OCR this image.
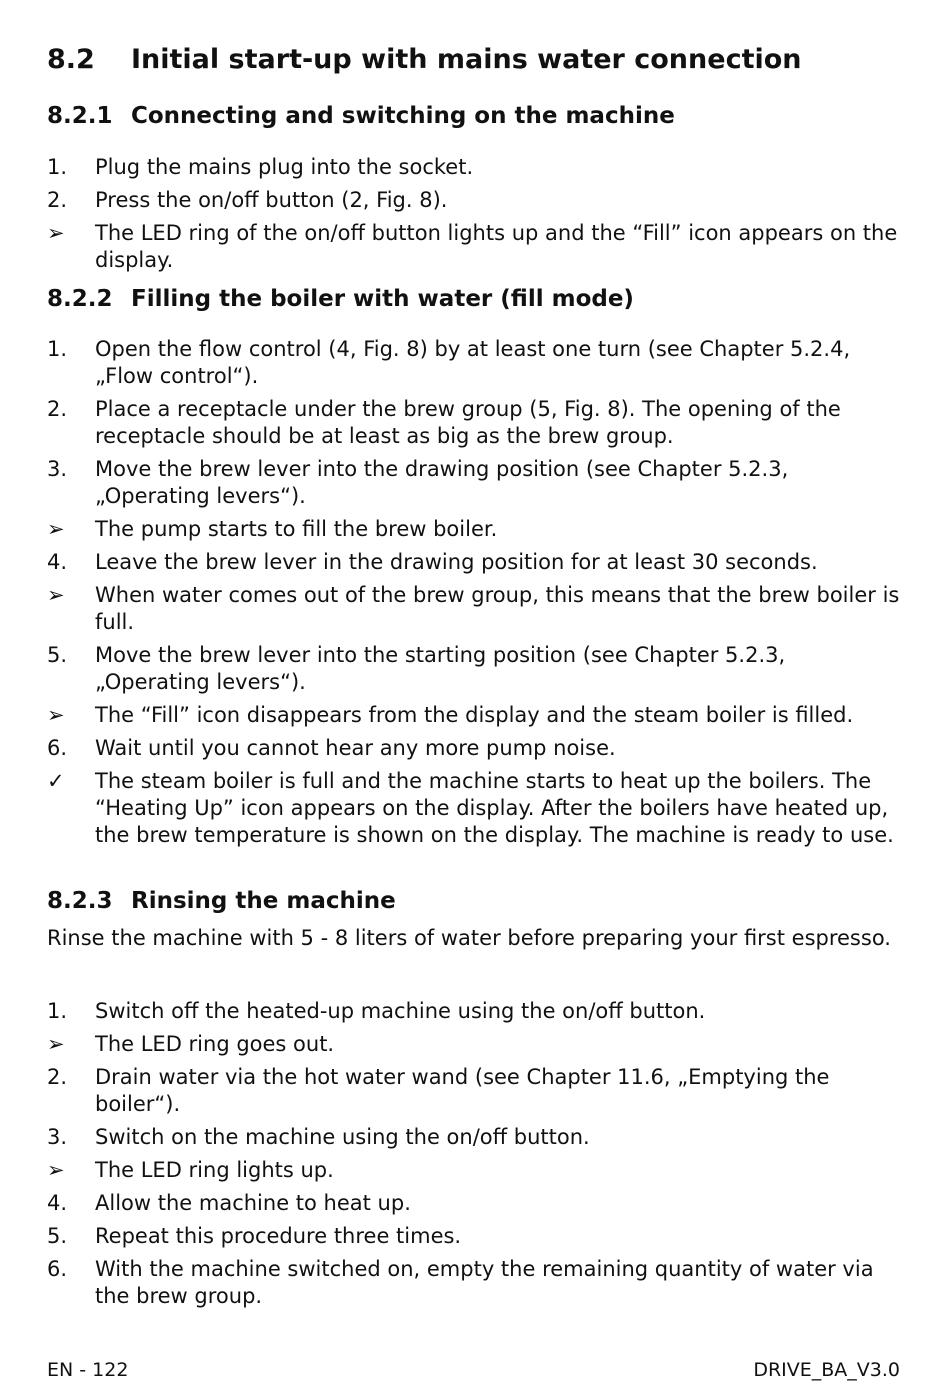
8.2 Initial start-up with mains water connection
8.2.1 Connecting and switching on the machine
1.	Plug the mains plug into the socket.
2.	Press the on/off button (2, Fig. 8).
➢	The LED ring of the on/off button lights up and the “Fill” icon appears on the display.
8.2.2 Filling the boiler with water (fill mode)
1.	Open the flow control (4, Fig. 8) by at least one turn (see Chapter 5.2.4, „Flow control“).
2.	Place a receptacle under the brew group (5, Fig. 8). The opening of the receptacle should be at least as big as the brew group.
3.	Move the brew lever into the drawing position (see Chapter 5.2.3, „Operating levers“).
➢	The pump starts to fill the brew boiler.
4.	Leave the brew lever in the drawing position for at least 30 seconds.
➢	When water comes out of the brew group, this means that the brew boiler is full.
5.	Move the brew lever into the starting position (see Chapter 5.2.3, „Operating levers“).
➢	The “Fill” icon disappears from the display and the steam boiler is filled.
6.	Wait until you cannot hear any more pump noise.
✓	The steam boiler is full and the machine starts to heat up the boilers. The “Heating Up” icon appears on the display. After the boilers have heated up, the brew temperature is shown on the display. The machine is ready to use.
8.2.3 Rinsing the machine
Rinse the machine with 5 - 8 liters of water before preparing your first espresso.
1.	Switch off the heated-up machine using the on/off button.
➢	The LED ring goes out.
2.	Drain water via the hot water wand (see Chapter 11.6, „Emptying the boiler“).
3.	Switch on the machine using the on/off button.
➢	The LED ring lights up.
4.	Allow the machine to heat up.
5.	Repeat this procedure three times.
6.	With the machine switched on, empty the remaining quantity of water via the brew group.
EN - 122	DRIVE_BA_V3.0
